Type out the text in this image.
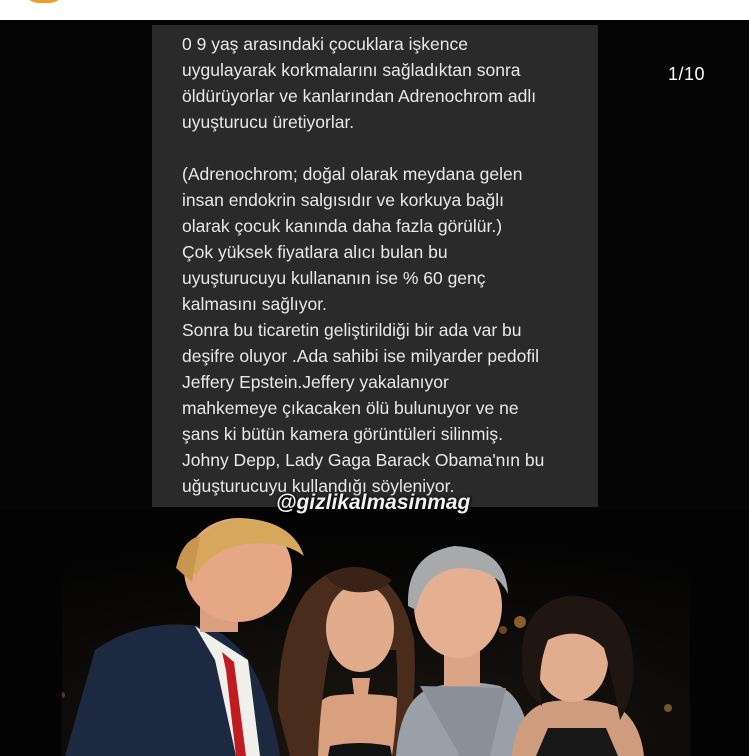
0 9 yaş arasındaki çocuklara işkence
uygulayarak korkmalarını sağladıktan sonra
öldürüyorlar ve kanlarından Adrenochrom adlı
uyuşturucu üretiyorlar.

(Adrenochrom; doğal olarak meydana gelen
insan endokrin salgısıdır ve korkuya bağlı
olarak çocuk kanında daha fazla görülür.)
Çok yüksek fiyatlara alıcı bulan bu
uyuşturucuyu kullananın ise % 60 genç
kalmasını sağlıyor.
Sonra bu ticaretin geliştirildiği bir ada var bu
deşifre oluyor .Ada sahibi ise milyarder pedofil
Jeffery Epstein.Jeffery yakalanıyor
mahkemeye çıkacaken ölü bulunuyor ve ne
şans ki bütün kamera görüntüleri silinmiş.
Johny Depp, Lady Gaga Barack Obama'nın bu
uğuşturucuyu kullandığı söyleniyor.

1/10
@gizlikalmasinmag
